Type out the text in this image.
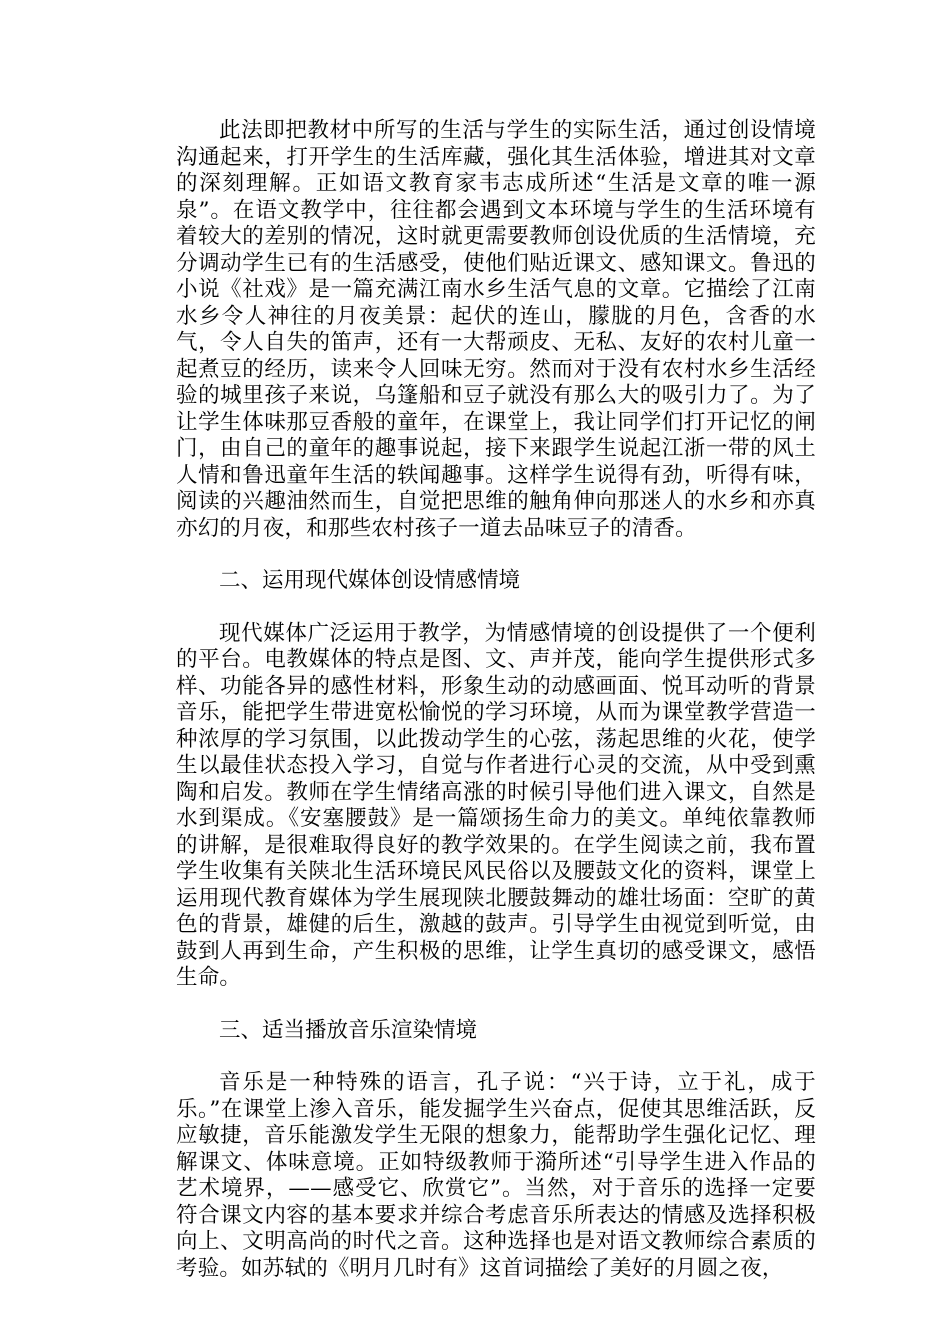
此法即把教材中所写的生活与学生的实际生活，通过创设情境沟通起来，打开学生的生活库藏，强化其生活体验，增进其对文章的深刻理解。正如语文教育家韦志成所述“生活是文章的唯一源泉”。在语文教学中，往往都会遇到文本环境与学生的生活环境有着较大的差别的情况，这时就更需要教师创设优质的生活情境，充分调动学生已有的生活感受，使他们贴近课文、感知课文。鲁迅的小说《社戏》是一篇充满江南水乡生活气息的文章。它描绘了江南水乡令人神往的月夜美景：起伏的连山，朦胧的月色，含香的水气，令人自失的笛声，还有一大帮顽皮、无私、友好的农村儿童一起煮豆的经历，读来令人回味无穷。然而对于没有农村水乡生活经验的城里孩子来说，乌篷船和豆子就没有那么大的吸引力了。为了让学生体味那豆香般的童年，在课堂上，我让同学们打开记忆的闸门，由自己的童年的趣事说起，接下来跟学生说起江浙一带的风土人情和鲁迅童年生活的轶闻趣事。这样学生说得有劲，听得有味，阅读的兴趣油然而生，自觉把思维的触角伸向那迷人的水乡和亦真亦幻的月夜，和那些农村孩子一道去品味豆子的清香。

二、运用现代媒体创设情感情境

现代媒体广泛运用于教学，为情感情境的创设提供了一个便利的平台。电教媒体的特点是图、文、声并茂，能向学生提供形式多样、功能各异的感性材料，形象生动的动感画面、悦耳动听的背景音乐，能把学生带进宽松愉悦的学习环境，从而为课堂教学营造一种浓厚的学习氛围，以此拨动学生的心弦，荡起思维的火花，使学生以最佳状态投入学习，自觉与作者进行心灵的交流，从中受到熏陶和启发。教师在学生情绪高涨的时候引导他们进入课文，自然是水到渠成。《安塞腰鼓》是一篇颂扬生命力的美文。单纯依靠教师的讲解，是很难取得良好的教学效果的。在学生阅读之前，我布置学生收集有关陕北生活环境民风民俗以及腰鼓文化的资料，课堂上运用现代教育媒体为学生展现陕北腰鼓舞动的雄壮场面：空旷的黄色的背景，雄健的后生，激越的鼓声。引导学生由视觉到听觉，由鼓到人再到生命，产生积极的思维，让学生真切的感受课文，感悟生命。

三、适当播放音乐渲染情境

音乐是一种特殊的语言，孔子说：“兴于诗，立于礼，成于乐。”在课堂上渗入音乐，能发掘学生兴奋点，促使其思维活跃，反应敏捷，音乐能激发学生无限的想象力，能帮助学生强化记忆、理解课文、体味意境。正如特级教师于漪所述“引导学生进入作品的艺术境界，——感受它、欣赏它”。当然，对于音乐的选择一定要符合课文内容的基本要求并综合考虑音乐所表达的情感及选择积极向上、文明高尚的时代之音。这种选择也是对语文教师综合素质的考验。如苏轼的《明月几时有》这首词描绘了美好的月圆之夜，
